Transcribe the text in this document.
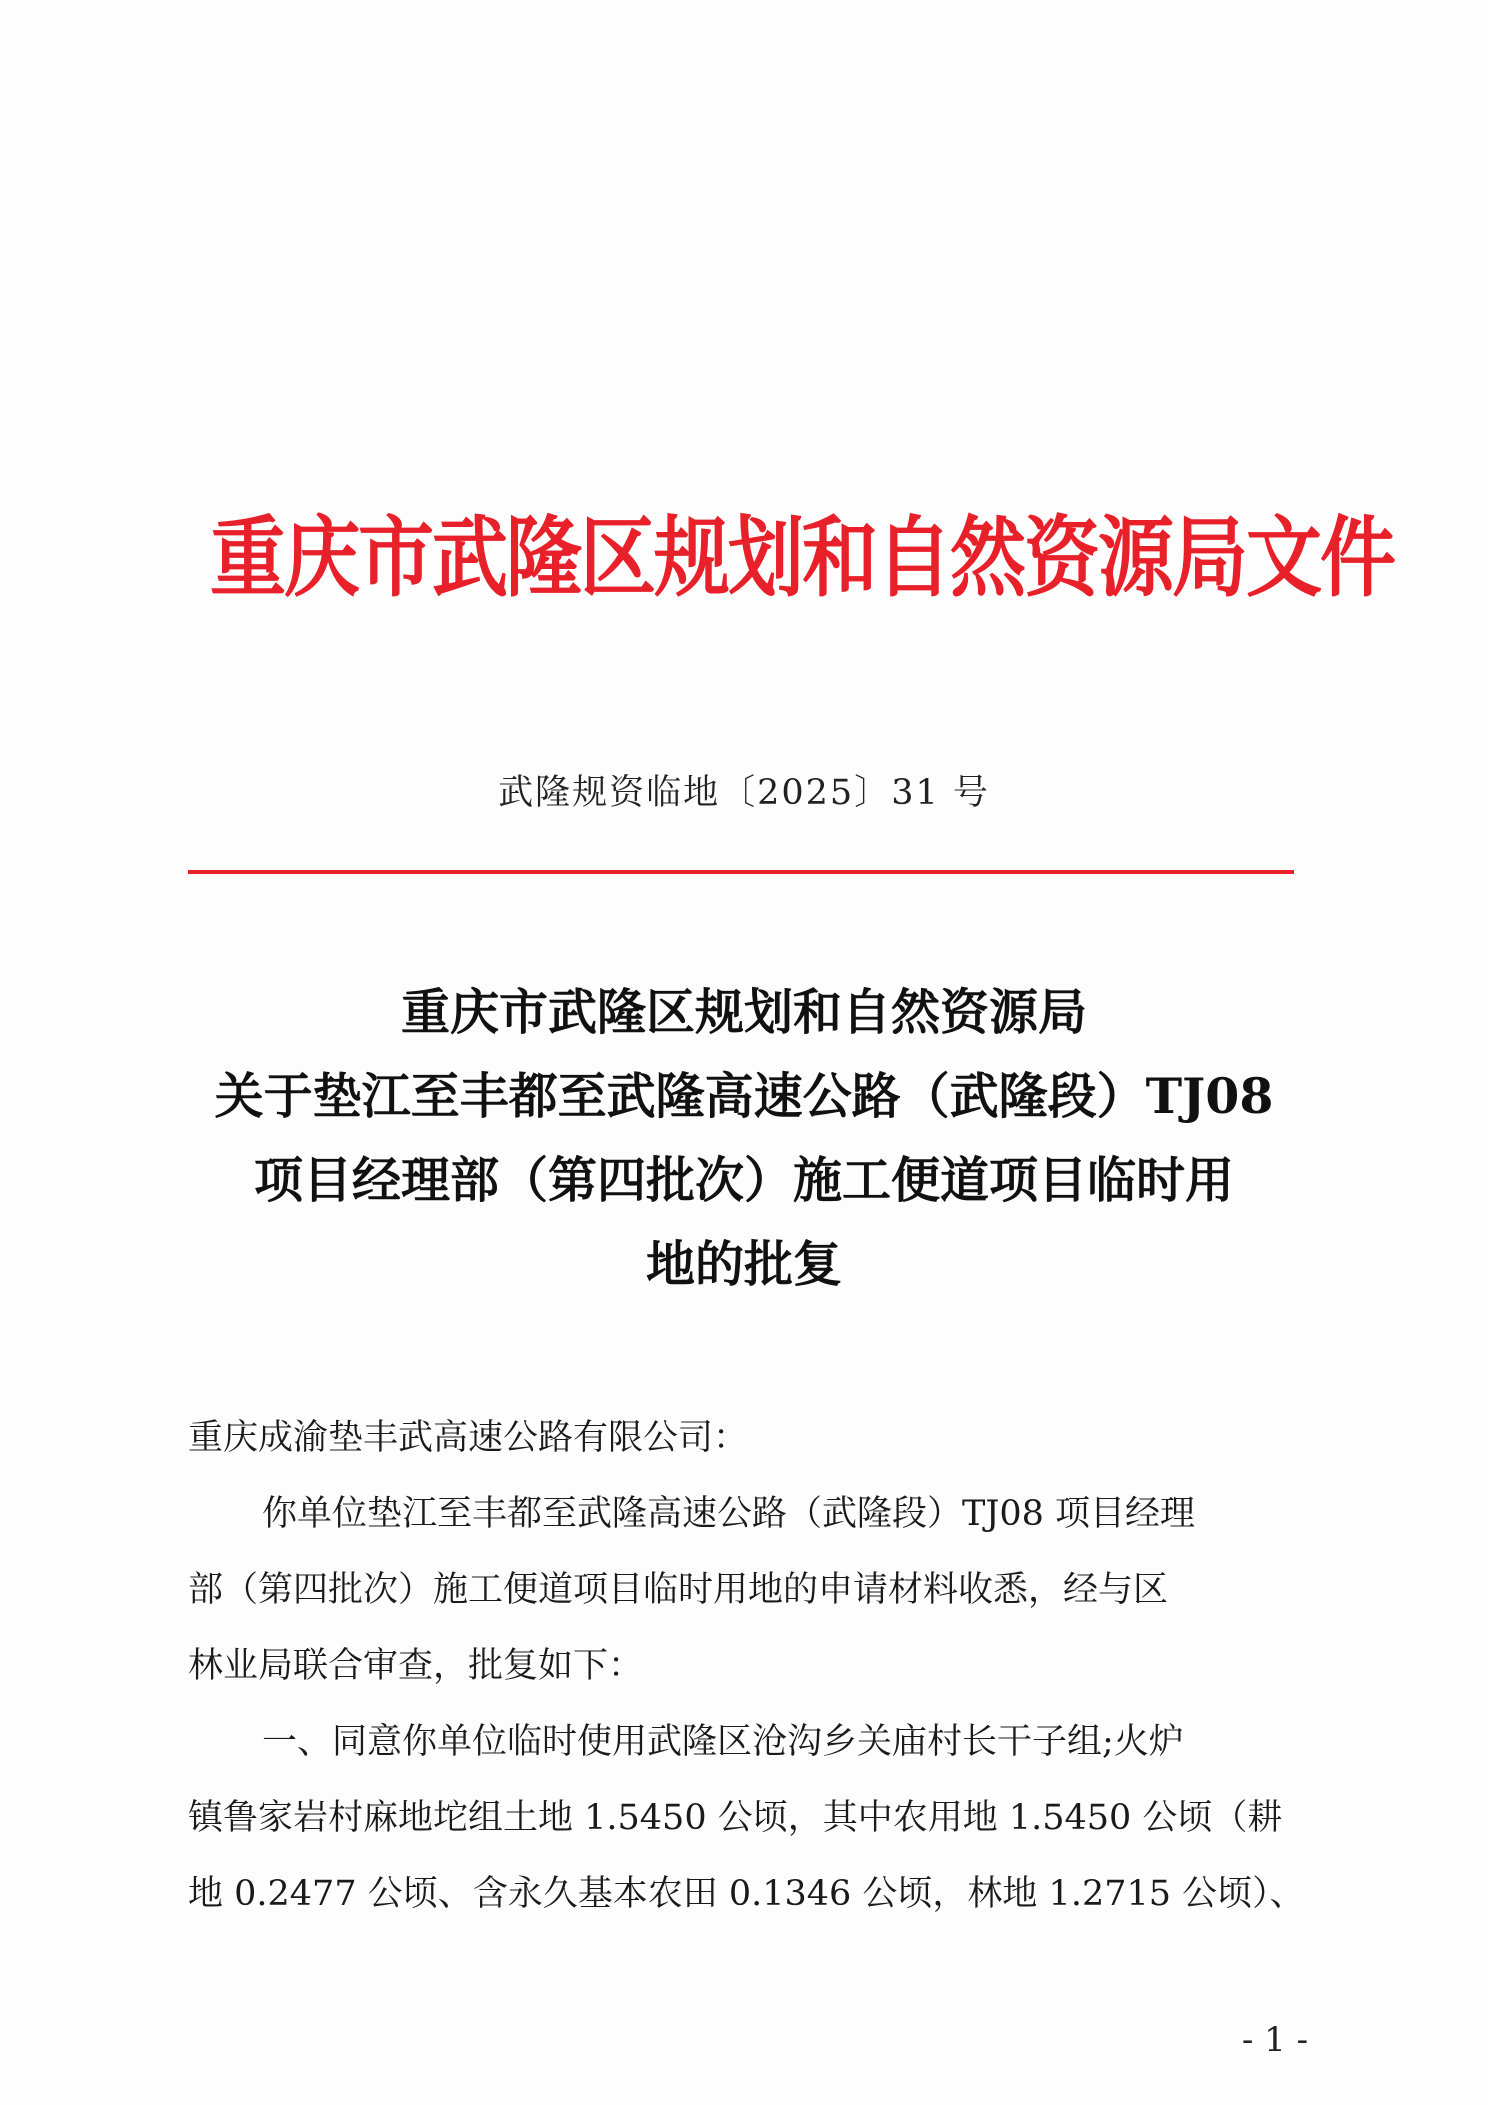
重庆市武隆区规划和自然资源局文件
武隆规资临地〔2025〕31 号
重庆市武隆区规划和自然资源局
关于垫江至丰都至武隆高速公路（武隆段）TJ08
项目经理部（第四批次）施工便道项目临时用
地的批复

重庆成渝垫丰武高速公路有限公司：

你单位垫江至丰都至武隆高速公路（武隆段）TJ08 项目经理

部（第四批次）施工便道项目临时用地的申请材料收悉，经与区

林业局联合审查，批复如下：

一、同意你单位临时使用武隆区沧沟乡关庙村长干子组;火炉

镇鲁家岩村麻地坨组土地 1.5450 公顷，其中农用地 1.5450 公顷（耕

地 0.2477 公顷、含永久基本农田 0.1346 公顷，林地 1.2715 公顷）、

- 1 -
